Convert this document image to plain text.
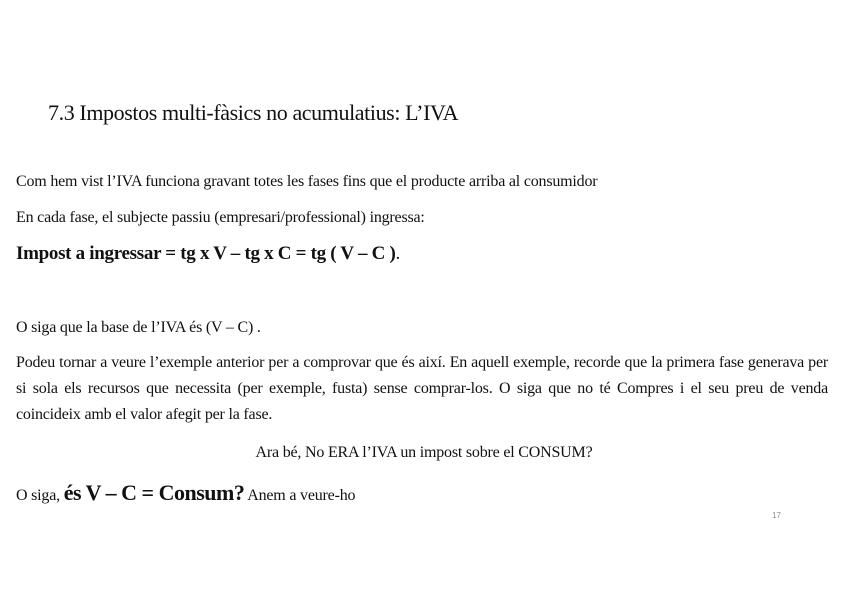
7.3 Impostos multi-fàsics no acumulatius: L’IVA
Com hem vist l’IVA funciona gravant totes les fases fins que el producte arriba al consumidor
En cada fase, el subjecte passiu (empresari/professional) ingressa:
Impost a ingressar = tg x V – tg x C = tg ( V – C ).
O siga que la base de l’IVA és (V – C) .
Podeu tornar a veure l’exemple anterior per a comprovar que és així. En aquell exemple, recorde que la primera fase generava per si sola els recursos que necessita (per exemple, fusta) sense comprar-los. O siga que no té Compres i el seu preu de venda coincideix amb el valor afegit per la fase.
Ara bé, No ERA l’IVA un impost sobre el CONSUM?
O siga, és V – C = Consum? Anem a veure-ho
17
